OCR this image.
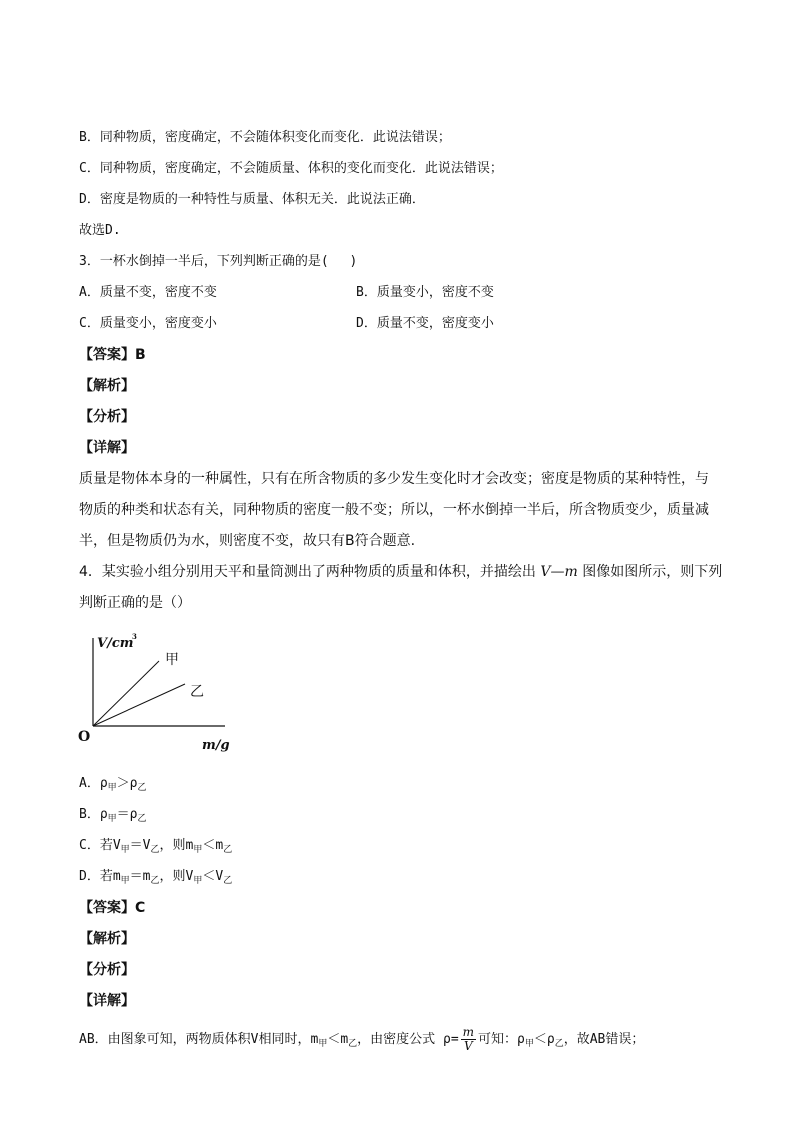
B．同种物质，密度确定，不会随体积变化而变化．此说法错误；
C．同种物质，密度确定，不会随质量、体积的变化而变化．此说法错误；
D．密度是物质的一种特性与质量、体积无关．此说法正确．
故选D.
3．一杯水倒掉一半后，下列判断正确的是(　 )
A．质量不变，密度不变	B．质量变小，密度不变
C．质量变小，密度变小	D．质量不变，密度变小
【答案】B
【解析】
【分析】
【详解】
质量是物体本身的一种属性，只有在所含物质的多少发生变化时才会改变；密度是物质的某种特性，与物质的种类和状态有关，同种物质的密度一般不变；所以，一杯水倒掉一半后，所含物质变少，质量减半，但是物质仍为水，则密度不变，故只有B符合题意.
4．某实验小组分别用天平和量筒测出了两种物质的质量和体积，并描绘出 V—m 图像如图所示，则下列
判断正确的是（）
V/cm
3
m/g
O
甲
乙
A．$\rho_甲>\rho_乙$
B．$\rho_甲=\rho_乙$
C．若$V_甲=V_乙$，则$m_甲<m_乙$
D．若$m_甲=m_乙$，则$V_甲<V_乙$
【答案】C
【解析】
【分析】
【详解】
AB．由图象可知，两物质体积V相同时，$m_甲<m_乙$，由密度公式 $\rho= \frac{m}{V}$ 可知：$\rho_甲<\rho_乙$，故AB错误；
